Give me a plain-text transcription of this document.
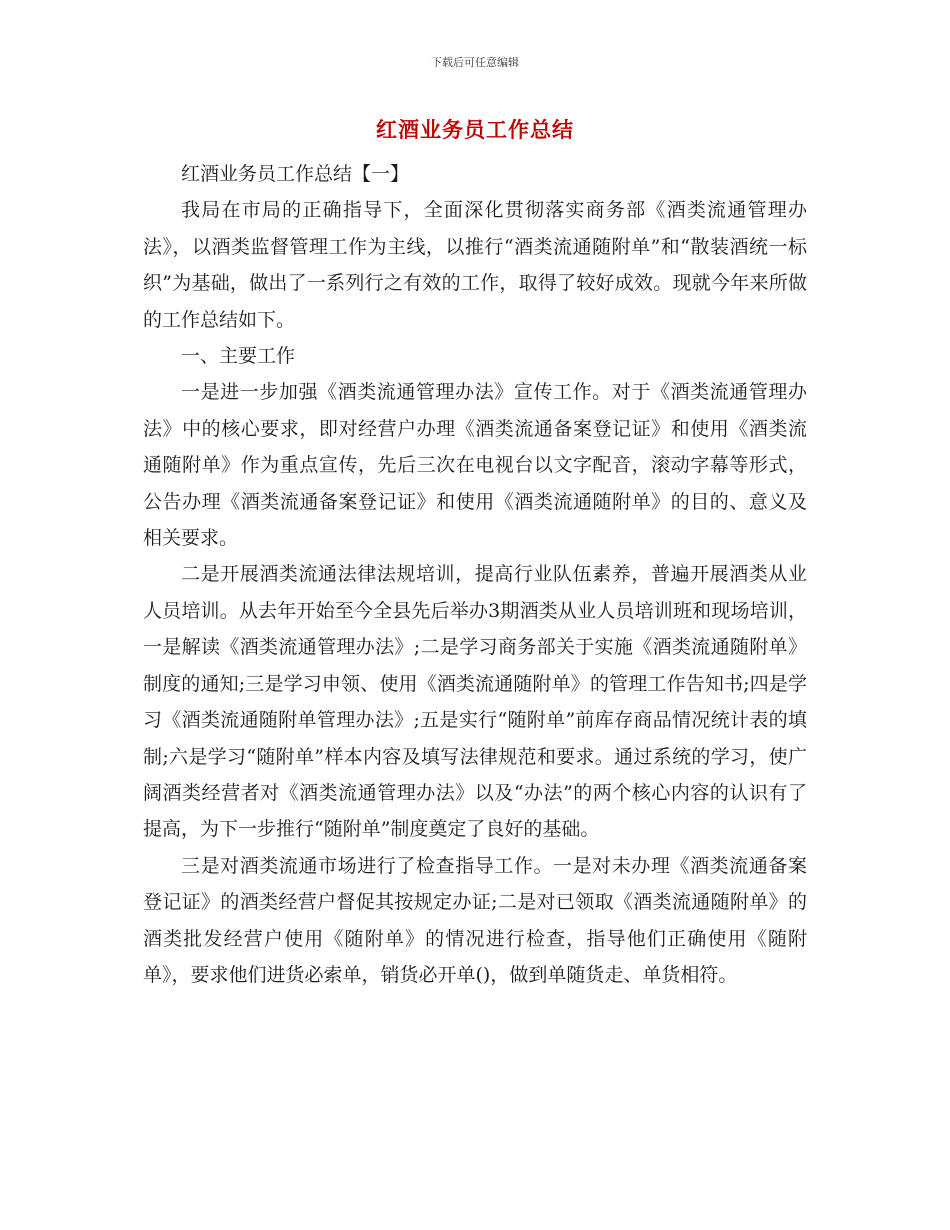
下载后可任意编辑
红酒业务员工作总结

红酒业务员工作总结【一】

我局在市局的正确指导下，全面深化贯彻落实商务部《酒类流通管理办法》，以酒类监督管理工作为主线，以推行“酒类流通随附单”和“散装酒统一标织”为基础，做出了一系列行之有效的工作，取得了较好成效。现就今年来所做的工作总结如下。

一、主要工作

一是进一步加强《酒类流通管理办法》宣传工作。对于《酒类流通管理办法》中的核心要求，即对经营户办理《酒类流通备案登记证》和使用《酒类流通随附单》作为重点宣传，先后三次在电视台以文字配音，滚动字幕等形式，公告办理《酒类流通备案登记证》和使用《酒类流通随附单》的目的、意义及相关要求。

二是开展酒类流通法律法规培训，提高行业队伍素养，普遍开展酒类从业人员培训。从去年开始至今全县先后举办3期酒类从业人员培训班和现场培训，一是解读《酒类流通管理办法》;二是学习商务部关于实施《酒类流通随附单》制度的通知;三是学习申领、使用《酒类流通随附单》的管理工作告知书;四是学习《酒类流通随附单管理办法》;五是实行“随附单”前库存商品情况统计表的填制;六是学习“随附单”样本内容及填写法律规范和要求。通过系统的学习，使广阔酒类经营者对《酒类流通管理办法》以及“办法”的两个核心内容的认识有了提高，为下一步推行“随附单”制度奠定了良好的基础。

三是对酒类流通市场进行了检查指导工作。一是对未办理《酒类流通备案登记证》的酒类经营户督促其按规定办证;二是对已领取《酒类流通随附单》的酒类批发经营户使用《随附单》的情况进行检查，指导他们正确使用《随附单》，要求他们进货必索单，销货必开单()，做到单随货走、单货相符。
